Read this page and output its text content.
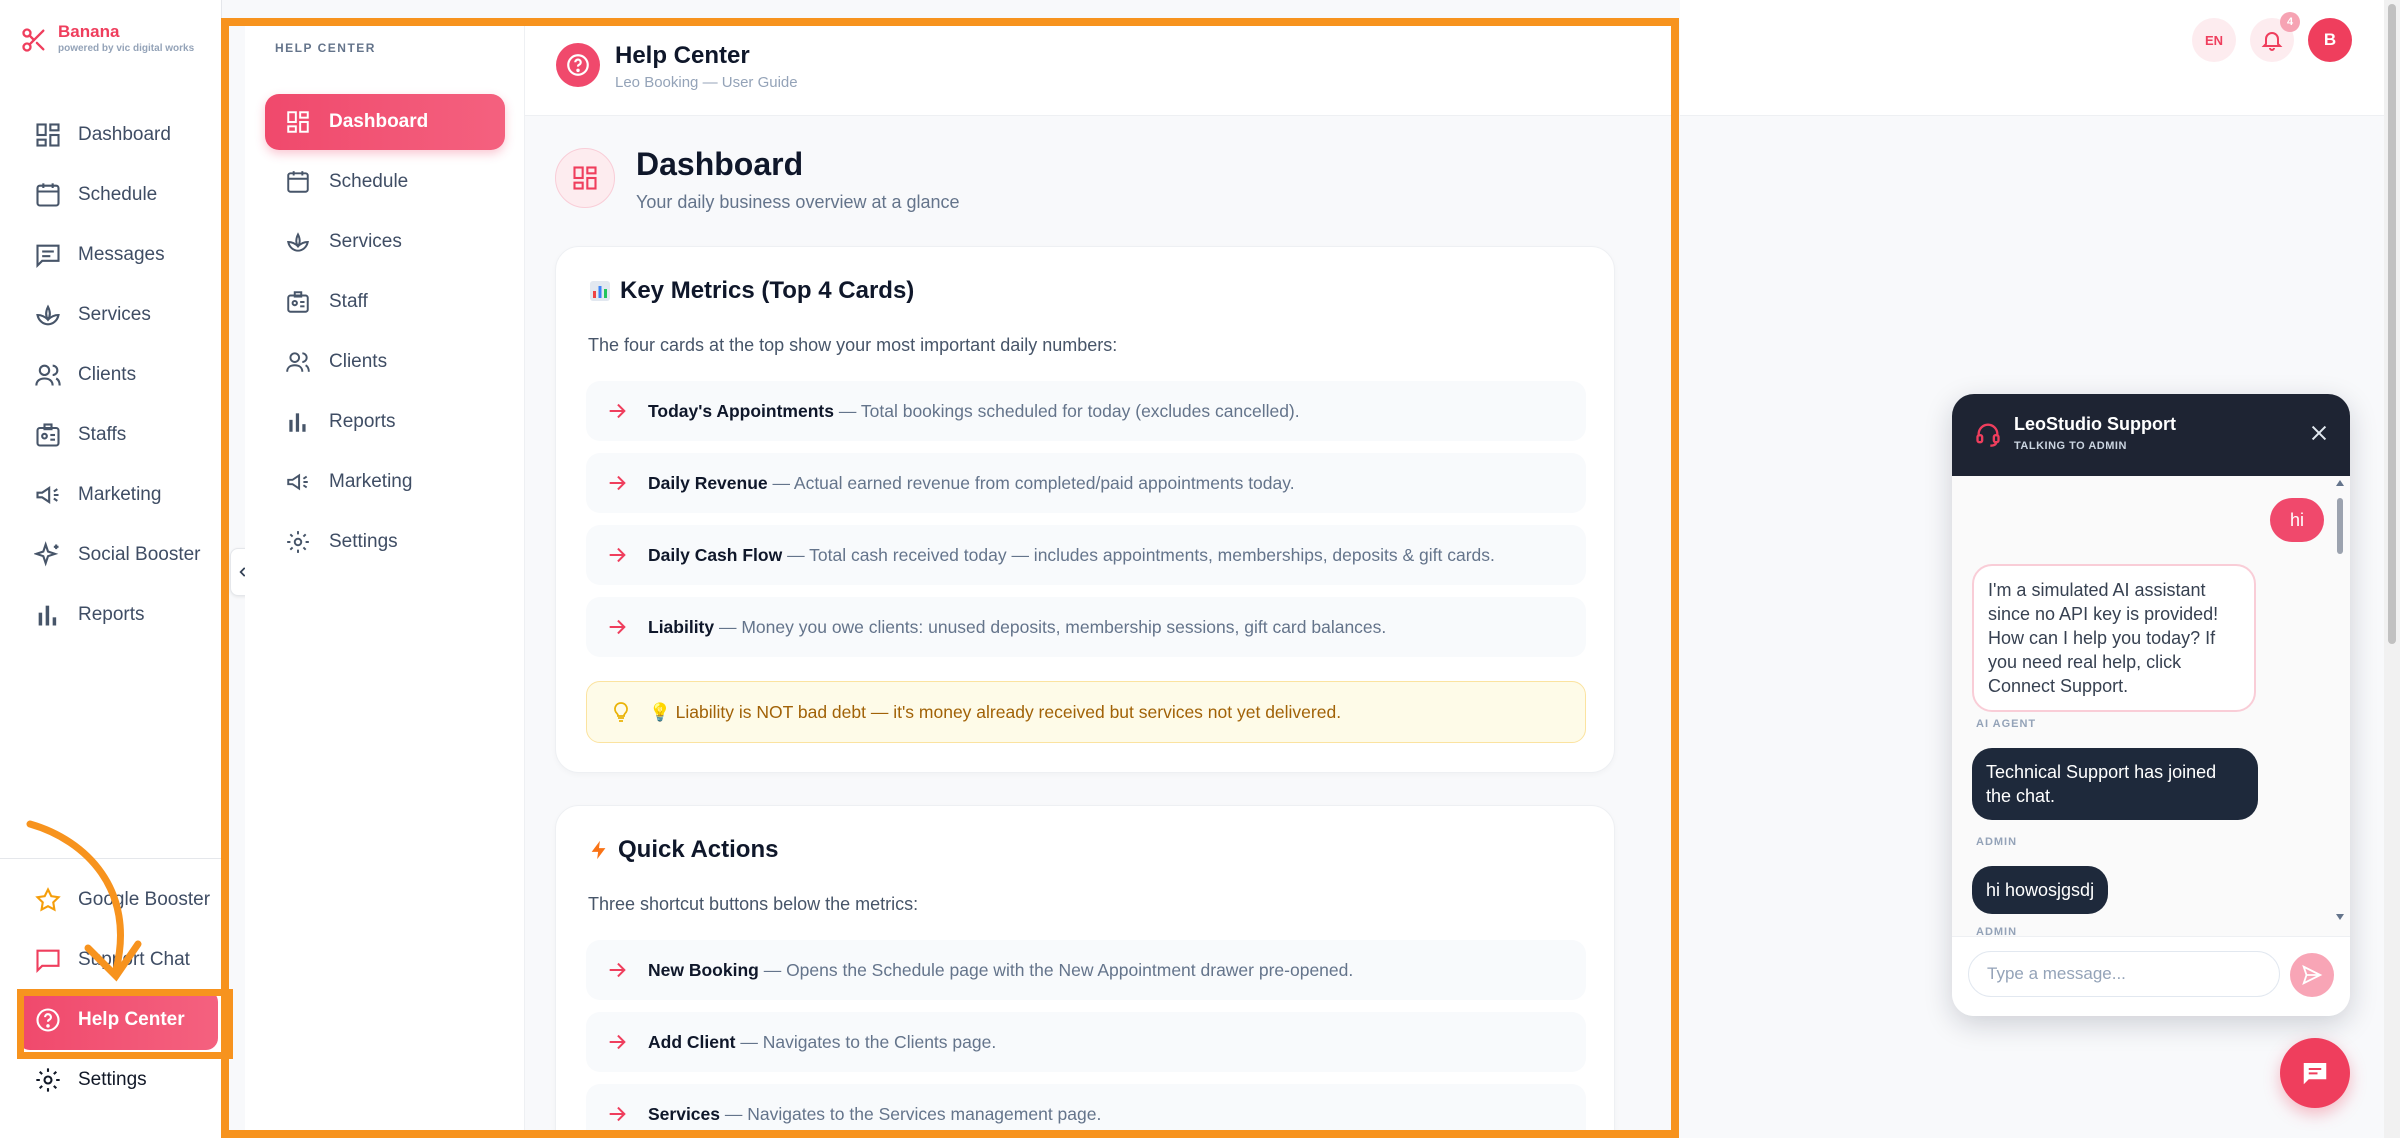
Banana
powered by vic digital works
Dashboard
Schedule
Messages
Services
Clients
Staffs
Marketing
Social Booster
Reports
Google Booster
Support Chat
Help Center
Settings
HELP CENTER
Dashboard
Schedule
Services
Staff
Clients
Reports
Marketing
Settings
EN
4
B
Help Center
Leo Booking — User Guide
Dashboard
Your daily business overview at a glance
Key Metrics (Top 4 Cards)
The four cards at the top show your most important daily numbers:
Today's Appointments — Total bookings scheduled for today (excludes cancelled).
Daily Revenue — Actual earned revenue from completed/paid appointments today.
Daily Cash Flow — Total cash received today — includes appointments, memberships, deposits & gift cards.
Liability — Money you owe clients: unused deposits, membership sessions, gift card balances.
💡 Liability is NOT bad debt — it's money already received but services not yet delivered.
Quick Actions
Three shortcut buttons below the metrics:
New Booking — Opens the Schedule page with the New Appointment drawer pre-opened.
Add Client — Navigates to the Clients page.
Services — Navigates to the Services management page.
LeoStudio Support
TALKING TO ADMIN
hi
I'm a simulated AI assistant since no API key is provided! How can I help you today? If you need real help, click Connect Support.
AI AGENT
Technical Support has joined the chat.
ADMIN
hi howosjgsdj
ADMIN
Type a message...
